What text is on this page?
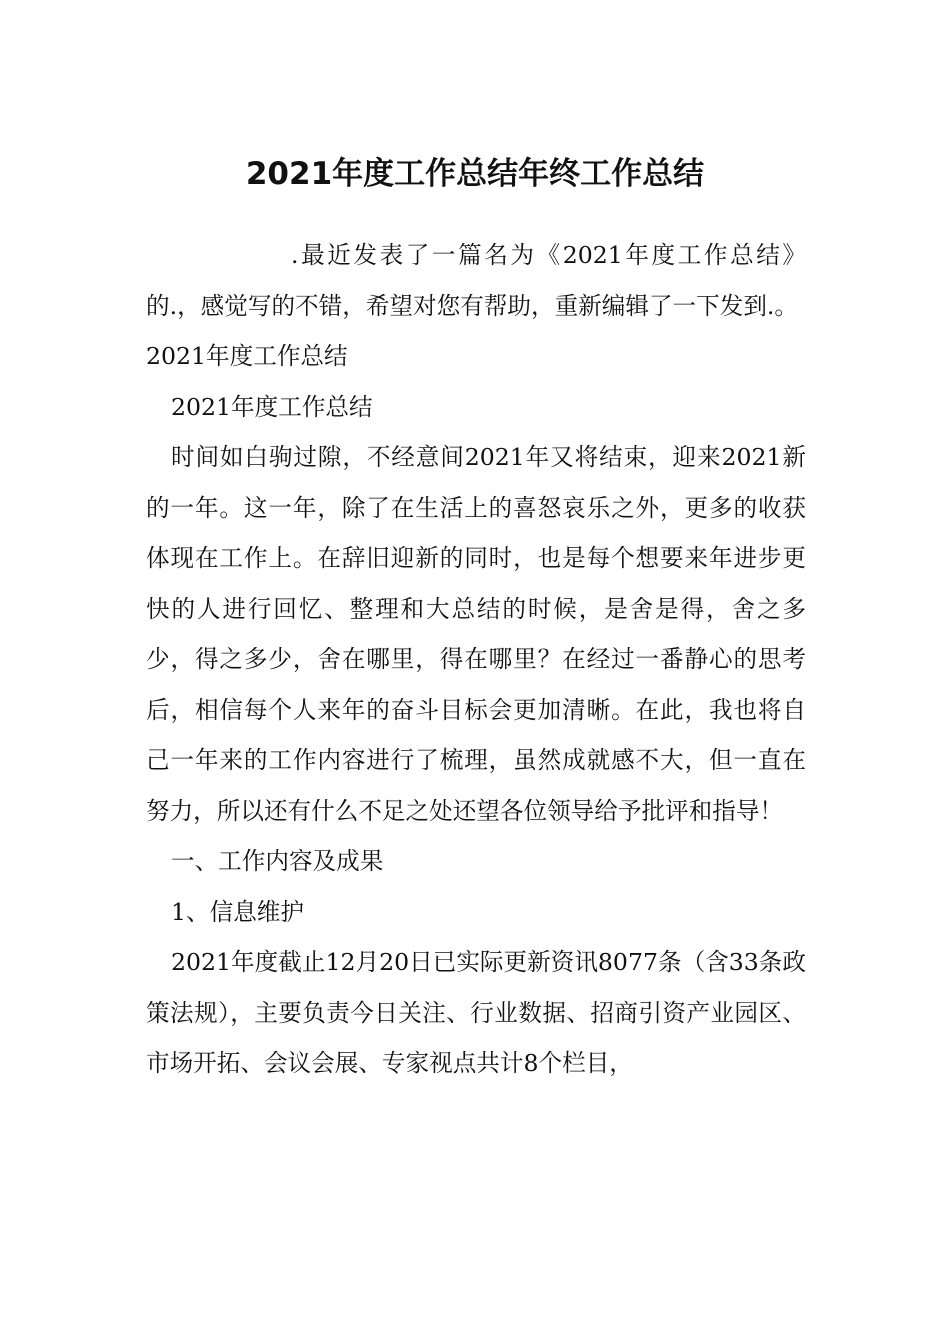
2021年度工作总结年终工作总结

.最近发表了一篇名为《2021年度工作总结》的.，感觉写的不错，希望对您有帮助，重新编辑了一下发到.。

2021年度工作总结

2021年度工作总结

时间如白驹过隙，不经意间2021年又将结束，迎来2021新的一年。这一年，除了在生活上的喜怒哀乐之外，更多的收获体现在工作上。在辞旧迎新的同时，也是每个想要来年进步更快的人进行回忆、整理和大总结的时候，是舍是得，舍之多少，得之多少，舍在哪里，得在哪里？在经过一番静心的思考后，相信每个人来年的奋斗目标会更加清晰。在此，我也将自己一年来的工作内容进行了梳理，虽然成就感不大，但一直在努力，所以还有什么不足之处还望各位领导给予批评和指导！

一、工作内容及成果

1、信息维护

2021年度截止12月20日已实际更新资讯8077条（含33条政策法规），主要负责今日关注、行业数据、招商引资产业园区、市场开拓、会议会展、专家视点共计8个栏目，
